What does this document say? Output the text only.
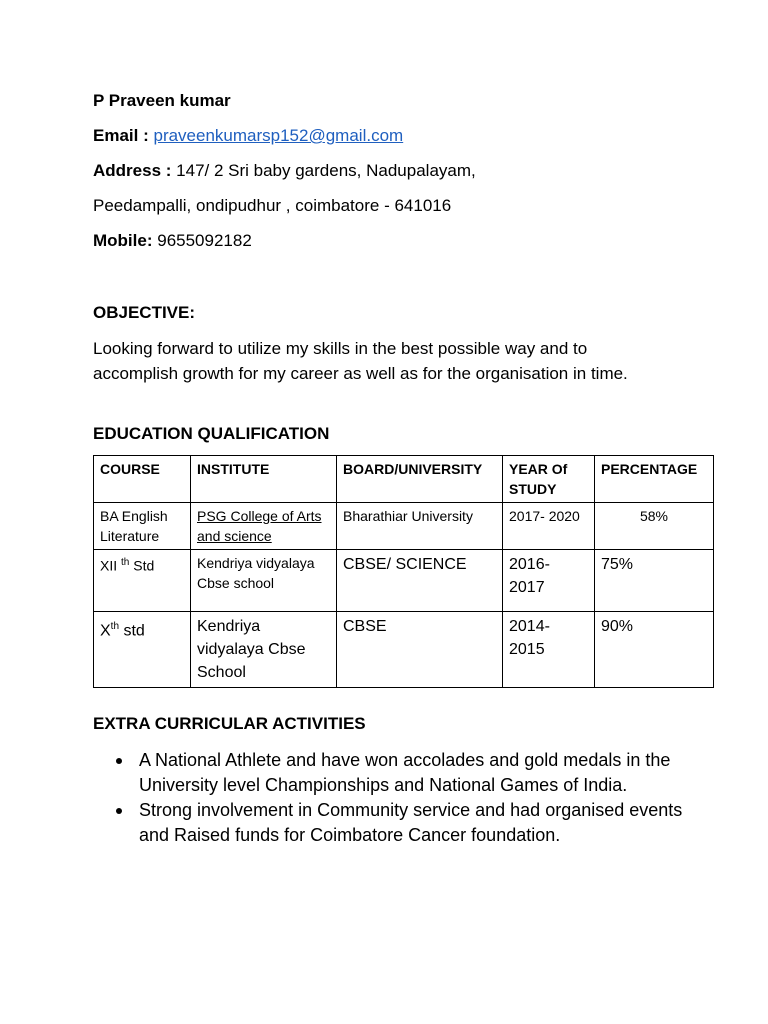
P Praveen kumar
Email : praveenkumarsp152@gmail.com
Address : 147/ 2 Sri baby gardens, Nadupalayam,
Peedampalli, ondipudhur , coimbatore - 641016
Mobile: 9655092182
OBJECTIVE:
Looking forward to utilize my skills in the best possible way and to accomplish growth for my career as well as for the organisation in time.
EDUCATION QUALIFICATION
COURSE	INSTITUTE	BOARD/UNIVERSITY	YEAR Of STUDY	PERCENTAGE
BA English Literature	PSG College of Arts and science	Bharathiar University	2017- 2020	58%
XII $^{th}$ Std	Kendriya vidyalaya Cbse school	CBSE/ SCIENCE	2016- 2017	75%
Xth std	Kendriya vidyalaya Cbse School	CBSE	2014- 2015	90%
EXTRA CURRICULAR ACTIVITIES
A National Athlete and have won accolades and gold medals in the University level Championships and National Games of India.
Strong involvement in Community service and had organised events and Raised funds for Coimbatore Cancer foundation.
